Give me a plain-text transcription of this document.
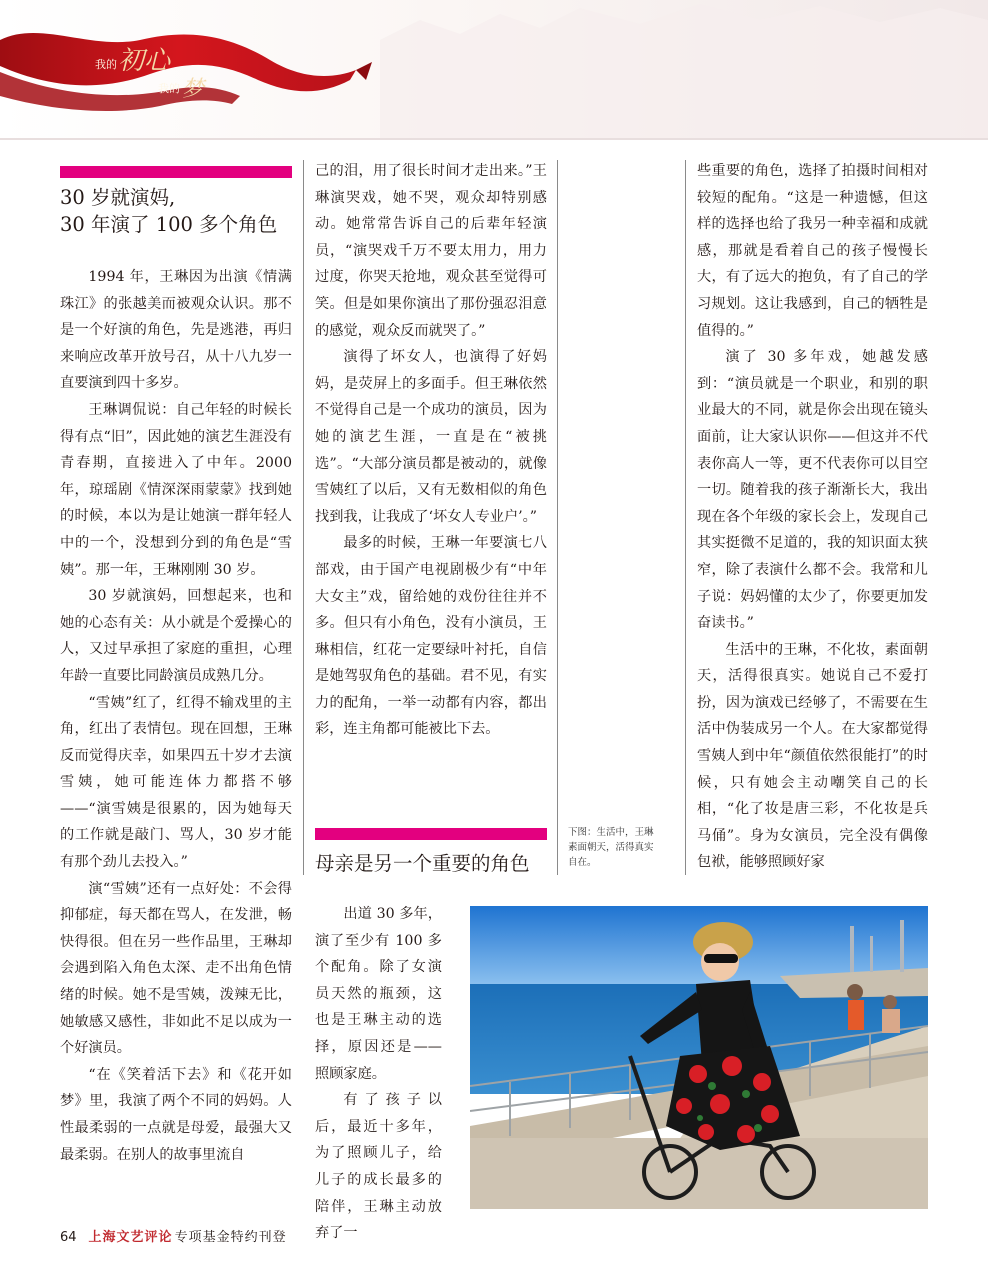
我的 初心
我的 梦
30 岁就演妈,
30 年演了 100 多个角色

1994 年，王琳因为出演《情满珠江》的张越美而被观众认识。那不是一个好演的角色，先是逃港，再归来响应改革开放号召，从十八九岁一直要演到四十多岁。

王琳调侃说：自己年轻的时候长得有点“旧”，因此她的演艺生涯没有青春期，直接进入了中年。2000 年，琼瑶剧《情深深雨蒙蒙》找到她的时候，本以为是让她演一群年轻人中的一个，没想到分到的角色是“雪姨”。那一年，王琳刚刚 30 岁。

30 岁就演妈，回想起来，也和她的心态有关：从小就是个爱操心的人，又过早承担了家庭的重担，心理年龄一直要比同龄演员成熟几分。

“雪姨”红了，红得不输戏里的主角，红出了表情包。现在回想，王琳反而觉得庆幸，如果四五十岁才去演雪姨，她可能连体力都搭不够——“演雪姨是很累的，因为她每天的工作就是敲门、骂人，30 岁才能有那个劲儿去投入。”

演“雪姨”还有一点好处：不会得抑郁症，每天都在骂人，在发泄，畅快得很。但在另一些作品里，王琳却会遇到陷入角色太深、走不出角色情绪的时候。她不是雪姨，泼辣无比，她敏感又感性，非如此不足以成为一个好演员。

“在《笑着活下去》和《花开如梦》里，我演了两个不同的妈妈。人性最柔弱的一点就是母爱，最强大又最柔弱。在别人的故事里流自

己的泪，用了很长时间才走出来。”王琳演哭戏，她不哭，观众却特别感动。她常常告诉自己的后辈年轻演员，“演哭戏千万不要太用力，用力过度，你哭天抢地，观众甚至觉得可笑。但是如果你演出了那份强忍泪意的感觉，观众反而就哭了。”

演得了坏女人，也演得了好妈妈，是荧屏上的多面手。但王琳依然不觉得自己是一个成功的演员，因为她的演艺生涯，一直是在“被挑选”。“大部分演员都是被动的，就像雪姨红了以后，又有无数相似的角色找到我，让我成了‘坏女人专业户’。”

最多的时候，王琳一年要演七八部戏，由于国产电视剧极少有“中年大女主”戏，留给她的戏份往往并不多。但只有小角色，没有小演员，王琳相信，红花一定要绿叶衬托，自信是她驾驭角色的基础。君不见，有实力的配角，一举一动都有内容，都出彩，连主角都可能被比下去。

母亲是另一个重要的角色

出道 30 多年，演了至少有 100 多个配角。除了女演员天然的瓶颈，这也是王琳主动的选择，原因还是——照顾家庭。

有了孩子以后，最近十多年，为了照顾儿子，给儿子的成长最多的陪伴，王琳主动放弃了一

下图：生活中，王琳
素面朝天，活得真实
自在。

些重要的角色，选择了拍摄时间相对较短的配角。“这是一种遗憾，但这样的选择也给了我另一种幸福和成就感，那就是看着自己的孩子慢慢长大，有了远大的抱负，有了自己的学习规划。这让我感到，自己的牺牲是值得的。”

演了 30 多年戏，她越发感到：“演员就是一个职业，和别的职业最大的不同，就是你会出现在镜头面前，让大家认识你——但这并不代表你高人一等，更不代表你可以目空一切。随着我的孩子渐渐长大，我出现在各个年级的家长会上，发现自己其实挺微不足道的，我的知识面太狭窄，除了表演什么都不会。我常和儿子说：妈妈懂的太少了，你要更加发奋读书。”

生活中的王琳，不化妆，素面朝天，活得很真实。她说自己不爱打扮，因为演戏已经够了，不需要在生活中伪装成另一个人。在大家都觉得雪姨人到中年“颜值依然很能打”的时候，只有她会主动嘲笑自己的长相，“化了妆是唐三彩，不化妆是兵马俑”。身为女演员，完全没有偶像包袱，能够照顾好家

64 上海文艺评论 专项基金特约刊登
